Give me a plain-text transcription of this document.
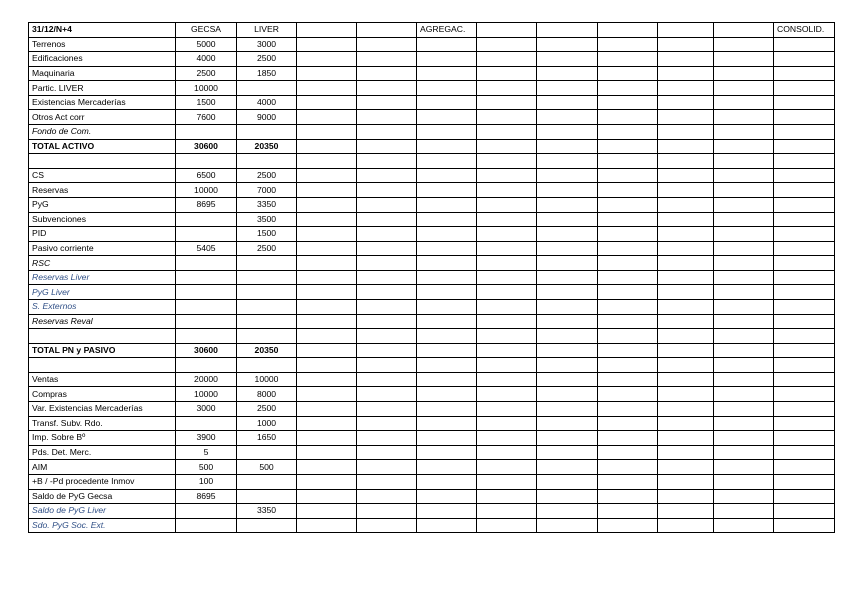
31/12/N+4	GECSA	LIVER			AGREGAC.						CONSOLID.
Terrenos	5000	3000									
Edificaciones	4000	2500									
Maquinaria	2500	1850									
Partic. LIVER	10000										
Existencias Mercaderías	1500	4000									
Otros Act corr	7600	9000									
Fondo de Com.											
TOTAL ACTIVO	30600	20350									

CS	6500	2500									
Reservas	10000	7000									
PyG	8695	3350									
Subvenciones		3500									
PID		1500									
Pasivo corriente	5405	2500									
RSC											
Reservas Liver											
PyG Liver											
S. Externos											
Reservas Reval											

TOTAL PN y PASIVO	30600	20350									

Ventas	20000	10000									
Compras	10000	8000									
Var. Existencias Mercaderías	3000	2500									
Transf. Subv. Rdo.		1000									
Imp. Sobre Bº	3900	1650									
Pds. Det. Merc.	5										
AIM	500	500									
+B / -Pd procedente Inmov	100										
Saldo de PyG Gecsa	8695										
Saldo de PyG Liver		3350									
Sdo. PyG Soc. Ext.											
